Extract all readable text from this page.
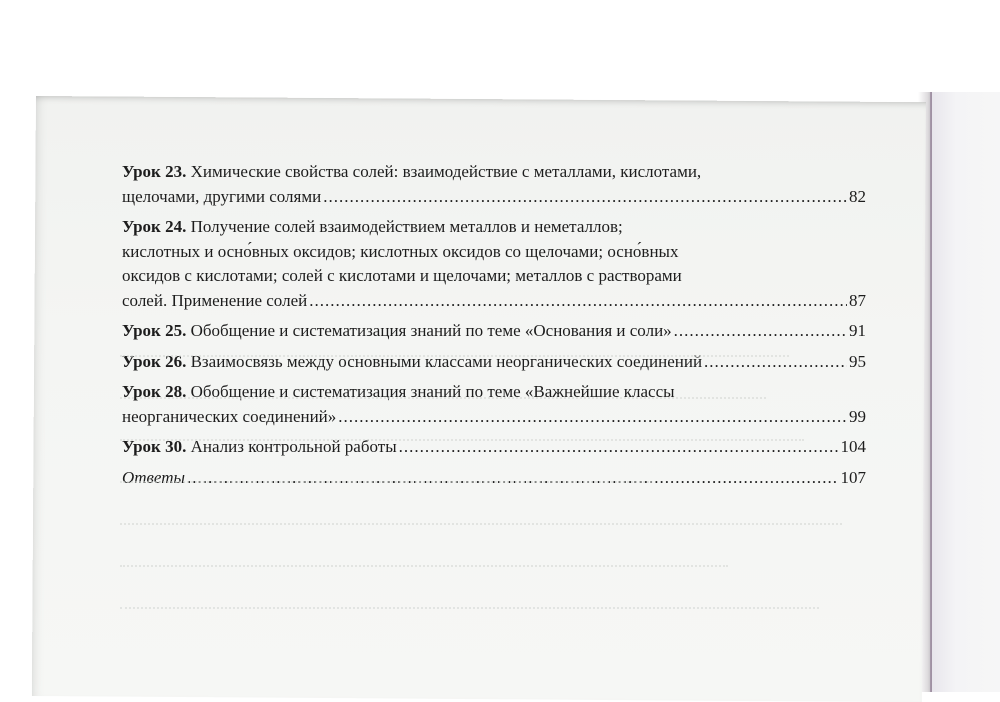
Урок 23. Химические свойства солей: взаимодействие с металлами, кислотами,
щелочами, другими солями .....	82
Урок 24. Получение солей взаимодействием металлов и неметаллов;
кислотных и осно́вных оксидов; кислотных оксидов со щелочами; осно́вных
оксидов с кислотами; солей с кислотами и щелочами; металлов с растворами
солей. Применение солей .....	87
Урок 25. Обобщение и систематизация знаний по теме «Основания и соли» .....	91
Урок 26. Взаимосвязь между основными классами неорганических соединений .....	95
Урок 28. Обобщение и систематизация знаний по теме «Важнейшие классы
неорганических соединений» .....	99
Урок 30. Анализ контрольной работы .....	104
Ответы .....	107
